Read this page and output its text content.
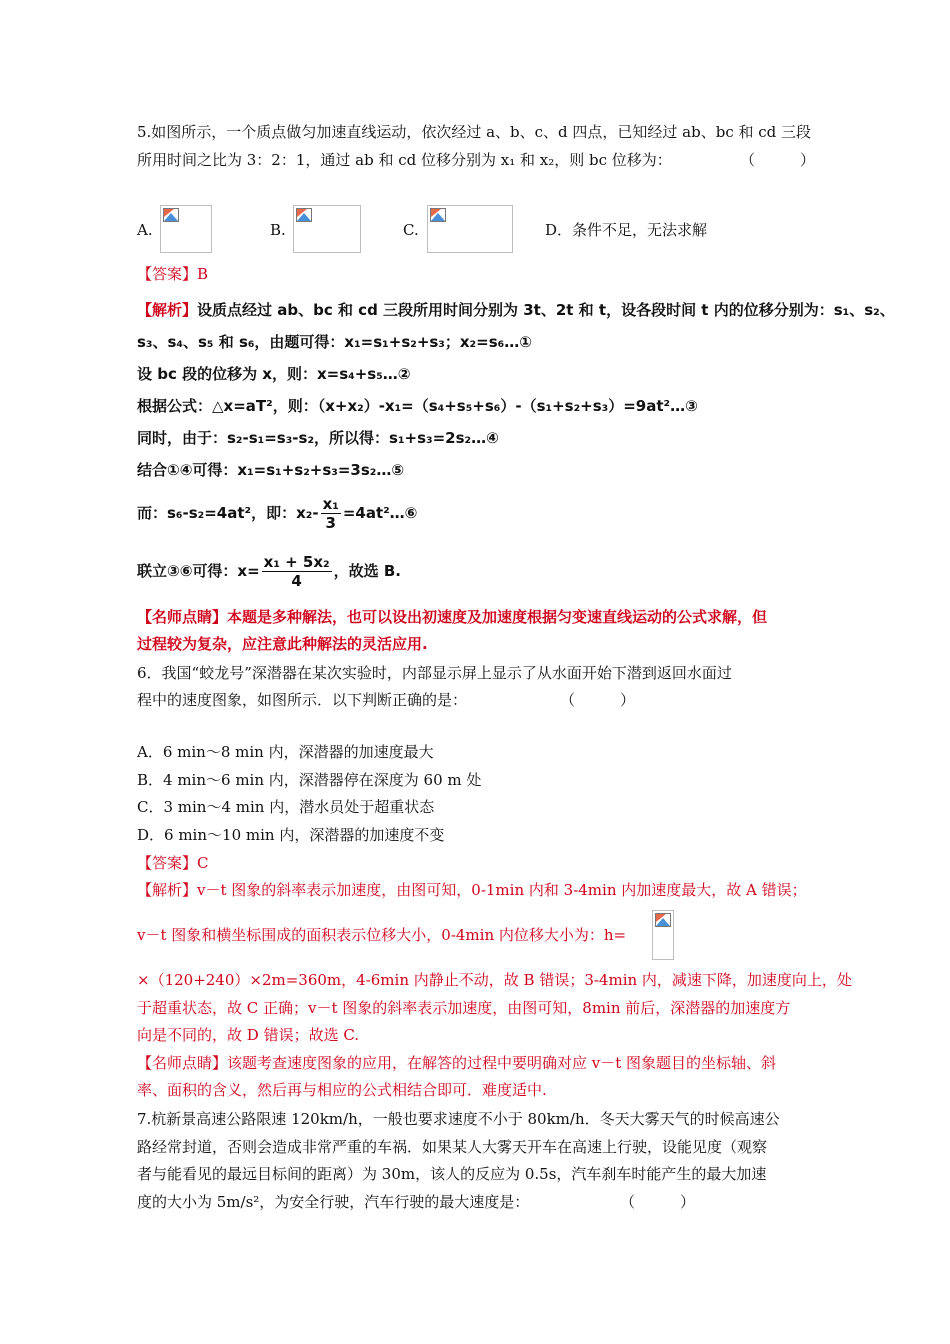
5.如图所示，一个质点做匀加速直线运动，依次经过 a、b、c、d 四点，已知经过 ab、bc 和 cd 三段
所用时间之比为 3：2：1，通过 ab 和 cd 位移分别为 x₁ 和 x₂，则 bc 位移为：	（　　　）
A.	B.	C.	D．条件不足，无法求解
【答案】B
【解析】设质点经过 ab、bc 和 cd 三段所用时间分别为 3t、2t 和 t，设各段时间 t 内的位移分别为：s₁、s₂、
s₃、s₄、s₅ 和 s₆，由题可得：x₁=s₁+s₂+s₃；x₂=s₆…①
设 bc 段的位移为 x，则：x=s₄+s₅…②
根据公式：△x=aT²，则：（x+x₂）-x₁=（s₄+s₅+s₆）-（s₁+s₂+s₃）=9at²…③
同时，由于：s₂-s₁=s₃-s₂，所以得：s₁+s₃=2s₂…④
结合①④可得：x₁=s₁+s₂+s₃=3s₂…⑤
而：s₆-s₂=4at²，即：$x_2- \frac{\text{x₁}}{3}$ =4at²…⑥
联立③⑥可得：$x= \frac{\text{x₁ + 5x₂}}{4}$ ，故选 B.
【名师点睛】本题是多种解法，也可以设出初速度及加速度根据匀变速直线运动的公式求解，但
过程较为复杂，应注意此种解法的灵活应用.
6．我国“蛟龙号”深潜器在某次实验时，内部显示屏上显示了从水面开始下潜到返回水面过
程中的速度图象，如图所示．以下判断正确的是：	（　　　）
A．6 min～8 min 内，深潜器的加速度最大
B．4 min～6 min 内，深潜器停在深度为 60 m 处
C．3 min～4 min 内，潜水员处于超重状态
D．6 min～10 min 内，深潜器的加速度不变
【答案】C
【解析】v－t 图象的斜率表示加速度，由图可知，0-1min 内和 3-4min 内加速度最大，故 A 错误；
v－t 图象和横坐标围成的面积表示位移大小，0-4min 内位移大小为：h=
×（120+240）×2m=360m，4-6min 内静止不动，故 B 错误；3-4min 内，减速下降，加速度向上，处
于超重状态，故 C 正确；v－t 图象的斜率表示加速度，由图可知，8min 前后，深潜器的加速度方
向是不同的，故 D 错误；故选 C.
【名师点睛】该题考查速度图象的应用，在解答的过程中要明确对应 v－t 图象题目的坐标轴、斜
率、面积的含义，然后再与相应的公式相结合即可．难度适中.
7.杭新景高速公路限速 120km/h，一般也要求速度不小于 80km/h．冬天大雾天气的时候高速公
路经常封道，否则会造成非常严重的车祸．如果某人大雾天开车在高速上行驶，设能见度（观察
者与能看见的最远目标间的距离）为 30m，该人的反应为 0.5s，汽车刹车时能产生的最大加速
度的大小为 5m/s²，为安全行驶，汽车行驶的最大速度是：	（　　　）
